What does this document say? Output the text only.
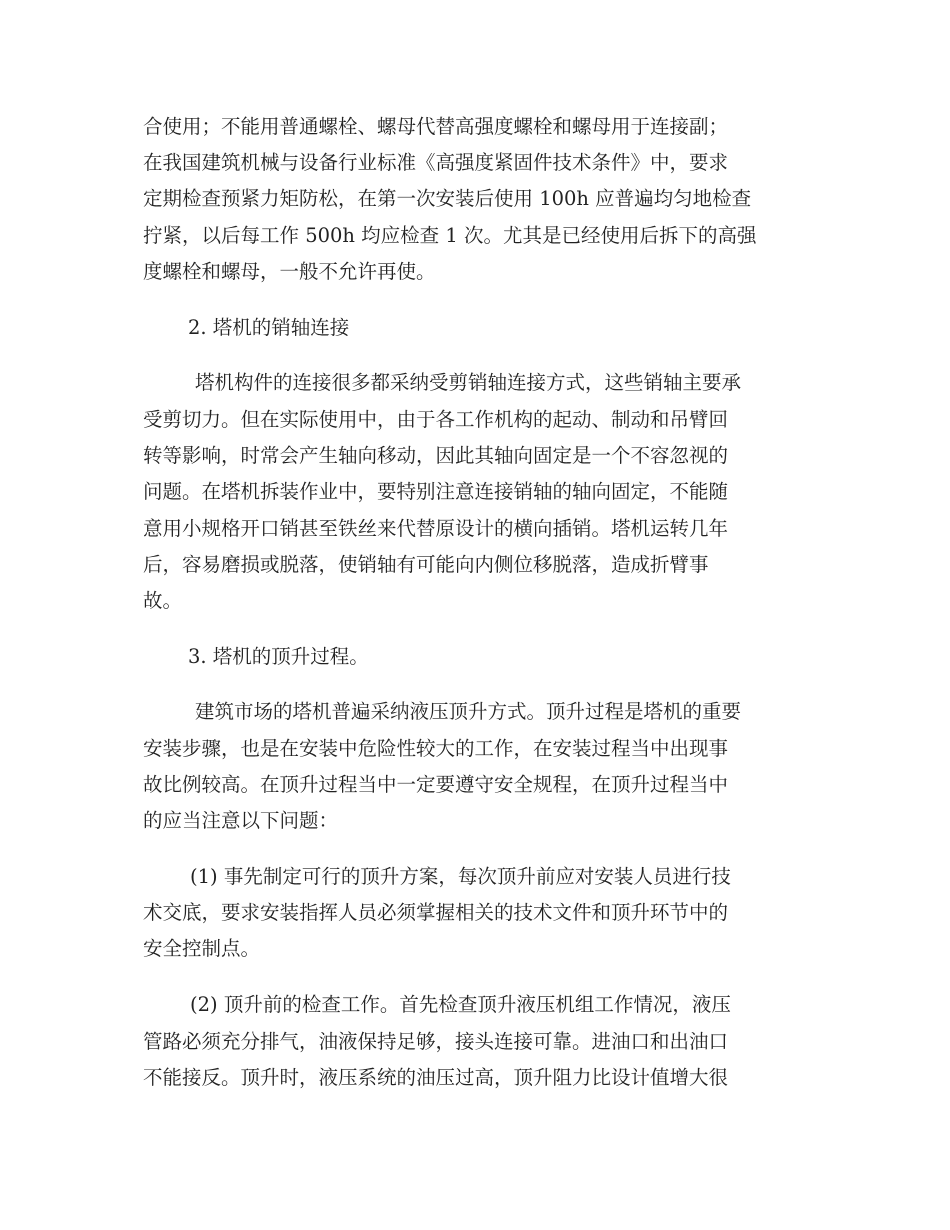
合使用；不能用普通螺栓、螺母代替高强度螺栓和螺母用于连接副；
在我国建筑机械与设备行业标准《高强度紧固件技术条件》中，要求
定期检查预紧力矩防松，在第一次安装后使用 100h 应普遍均匀地检查
拧紧，以后每工作 500h 均应检查 1 次。尤其是已经使用后拆下的高强
度螺栓和螺母，一般不允许再使。
2. 塔机的销轴连接
塔机构件的连接很多都采纳受剪销轴连接方式，这些销轴主要承
受剪切力。但在实际使用中，由于各工作机构的起动、制动和吊臂回
转等影响，时常会产生轴向移动，因此其轴向固定是一个不容忽视的
问题。在塔机拆装作业中，要特别注意连接销轴的轴向固定，不能随
意用小规格开口销甚至铁丝来代替原设计的横向插销。塔机运转几年
后，容易磨损或脱落，使销轴有可能向内侧位移脱落，造成折臂事
故。
3. 塔机的顶升过程。
建筑市场的塔机普遍采纳液压顶升方式。顶升过程是塔机的重要
安装步骤，也是在安装中危险性较大的工作，在安装过程当中出现事
故比例较高。在顶升过程当中一定要遵守安全规程，在顶升过程当中
的应当注意以下问题：
(1) 事先制定可行的顶升方案，每次顶升前应对安装人员进行技
术交底，要求安装指挥人员必须掌握相关的技术文件和顶升环节中的
安全控制点。
(2) 顶升前的检查工作。首先检查顶升液压机组工作情况，液压
管路必须充分排气，油液保持足够，接头连接可靠。进油口和出油口
不能接反。顶升时，液压系统的油压过高，顶升阻力比设计值增大很
